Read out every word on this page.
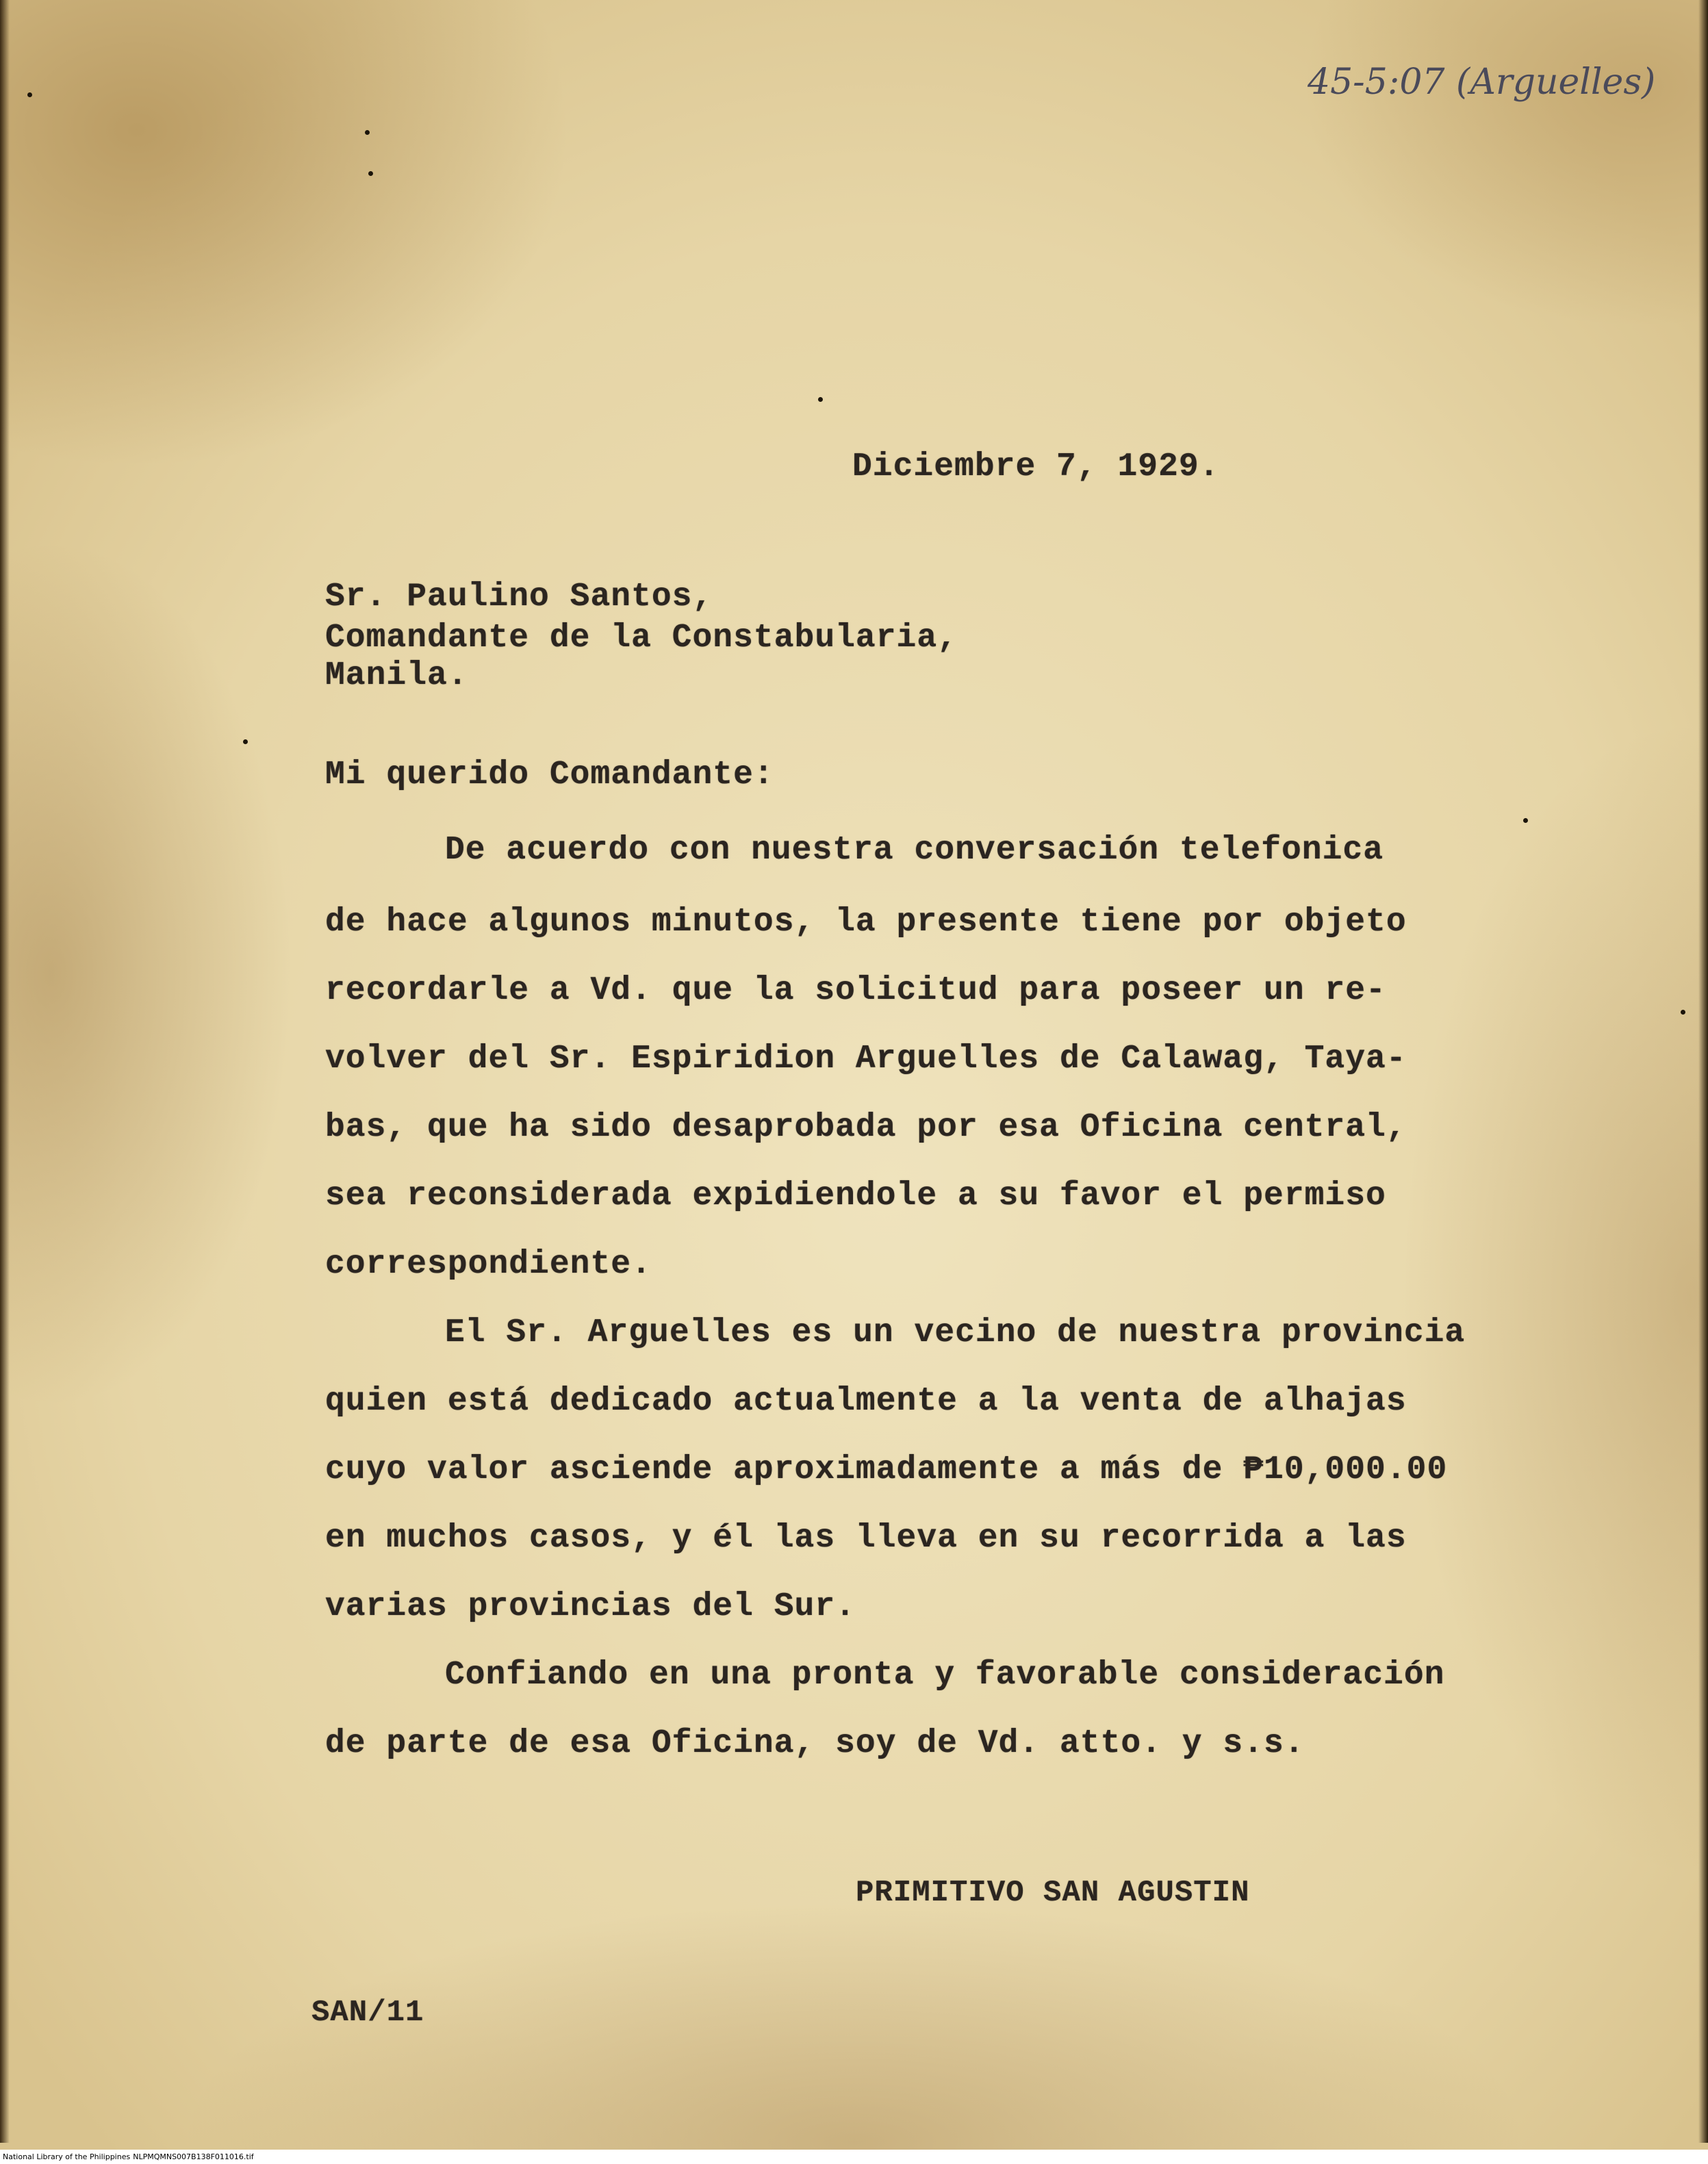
45-5:07 (Arguelles)
Diciembre 7, 1929.
Sr. Paulino Santos,
Comandante de la Constabularia,
Manila.
Mi querido Comandante:
De acuerdo con nuestra conversación telefonica
de hace algunos minutos, la presente tiene por objeto
recordarle a Vd. que la solicitud para poseer un re-
volver del Sr. Espiridion Arguelles de Calawag, Taya-
bas, que ha sido desaprobada por esa Oficina central,
sea reconsiderada expidiendole a su favor el permiso
correspondiente.
El Sr. Arguelles es un vecino de nuestra provincia
quien está dedicado actualmente a la venta de alhajas
cuyo valor asciende aproximadamente a más de ₱10,000.00
en muchos casos, y él las lleva en su recorrida a las
varias provincias del Sur.
Confiando en una pronta y favorable consideración
de parte de esa Oficina, soy de Vd. atto. y s.s.
PRIMITIVO SAN AGUSTIN
SAN/11
National Library of the Philippines NLPMQMNS007B138F011016.tif
